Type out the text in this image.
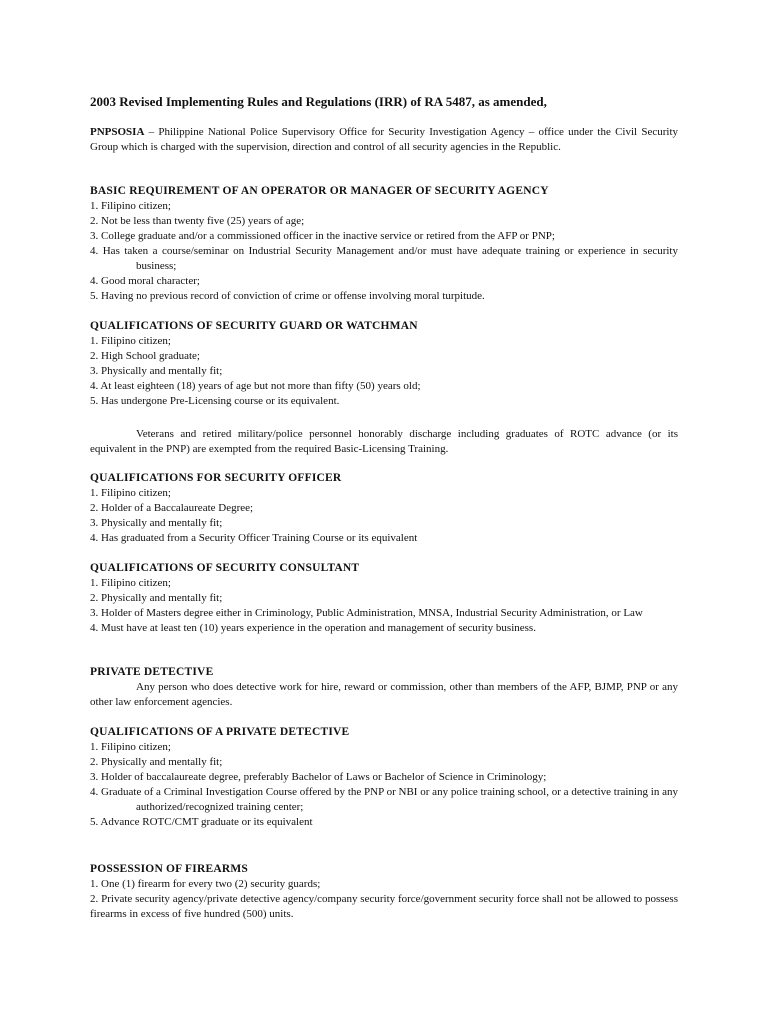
2003 Revised Implementing Rules and Regulations (IRR) of RA 5487, as amended,
PNPSOSIA – Philippine National Police Supervisory Office for Security Investigation Agency – office under the Civil Security Group which is charged with the supervision, direction and control of all security agencies in the Republic.
BASIC REQUIREMENT OF AN OPERATOR OR MANAGER OF SECURITY AGENCY
1. Filipino citizen;
2. Not be less than twenty five (25) years of age;
3. College graduate and/or a commissioned officer in the inactive service or retired from the AFP or PNP;
4. Has taken a course/seminar on Industrial Security Management and/or must have adequate training or experience in security business;
4. Good moral character;
5. Having no previous record of conviction of crime or offense involving moral turpitude.
QUALIFICATIONS OF SECURITY GUARD OR WATCHMAN
1. Filipino citizen;
2. High School graduate;
3. Physically and mentally fit;
4. At least eighteen (18) years of age but not more than fifty (50) years old;
5. Has undergone Pre-Licensing course or its equivalent.
Veterans and retired military/police personnel honorably discharge including graduates of ROTC advance (or its equivalent in the PNP) are exempted from the required Basic-Licensing Training.
QUALIFICATIONS FOR SECURITY OFFICER
1. Filipino citizen;
2. Holder of a Baccalaureate Degree;
3. Physically and mentally fit;
4. Has graduated from a Security Officer Training Course or its equivalent
QUALIFICATIONS OF SECURITY CONSULTANT
1. Filipino citizen;
2. Physically and mentally fit;
3. Holder of Masters degree either in Criminology, Public Administration, MNSA, Industrial Security Administration, or Law
4. Must have at least ten (10) years experience in the operation and management of security business.
PRIVATE DETECTIVE
Any person who does detective work for hire, reward or commission, other than members of the AFP, BJMP, PNP or any other law enforcement agencies.
QUALIFICATIONS OF A PRIVATE DETECTIVE
1. Filipino citizen;
2. Physically and mentally fit;
3. Holder of baccalaureate degree, preferably Bachelor of Laws or Bachelor of Science in Criminology;
4. Graduate of a Criminal Investigation Course offered by the PNP or NBI or any police training school, or a detective training in any authorized/recognized training center;
5. Advance ROTC/CMT graduate or its equivalent
POSSESSION OF FIREARMS
1. One (1) firearm for every two (2) security guards;
2. Private security agency/private detective agency/company security force/government security force shall not be allowed to possess firearms in excess of five hundred (500) units.
